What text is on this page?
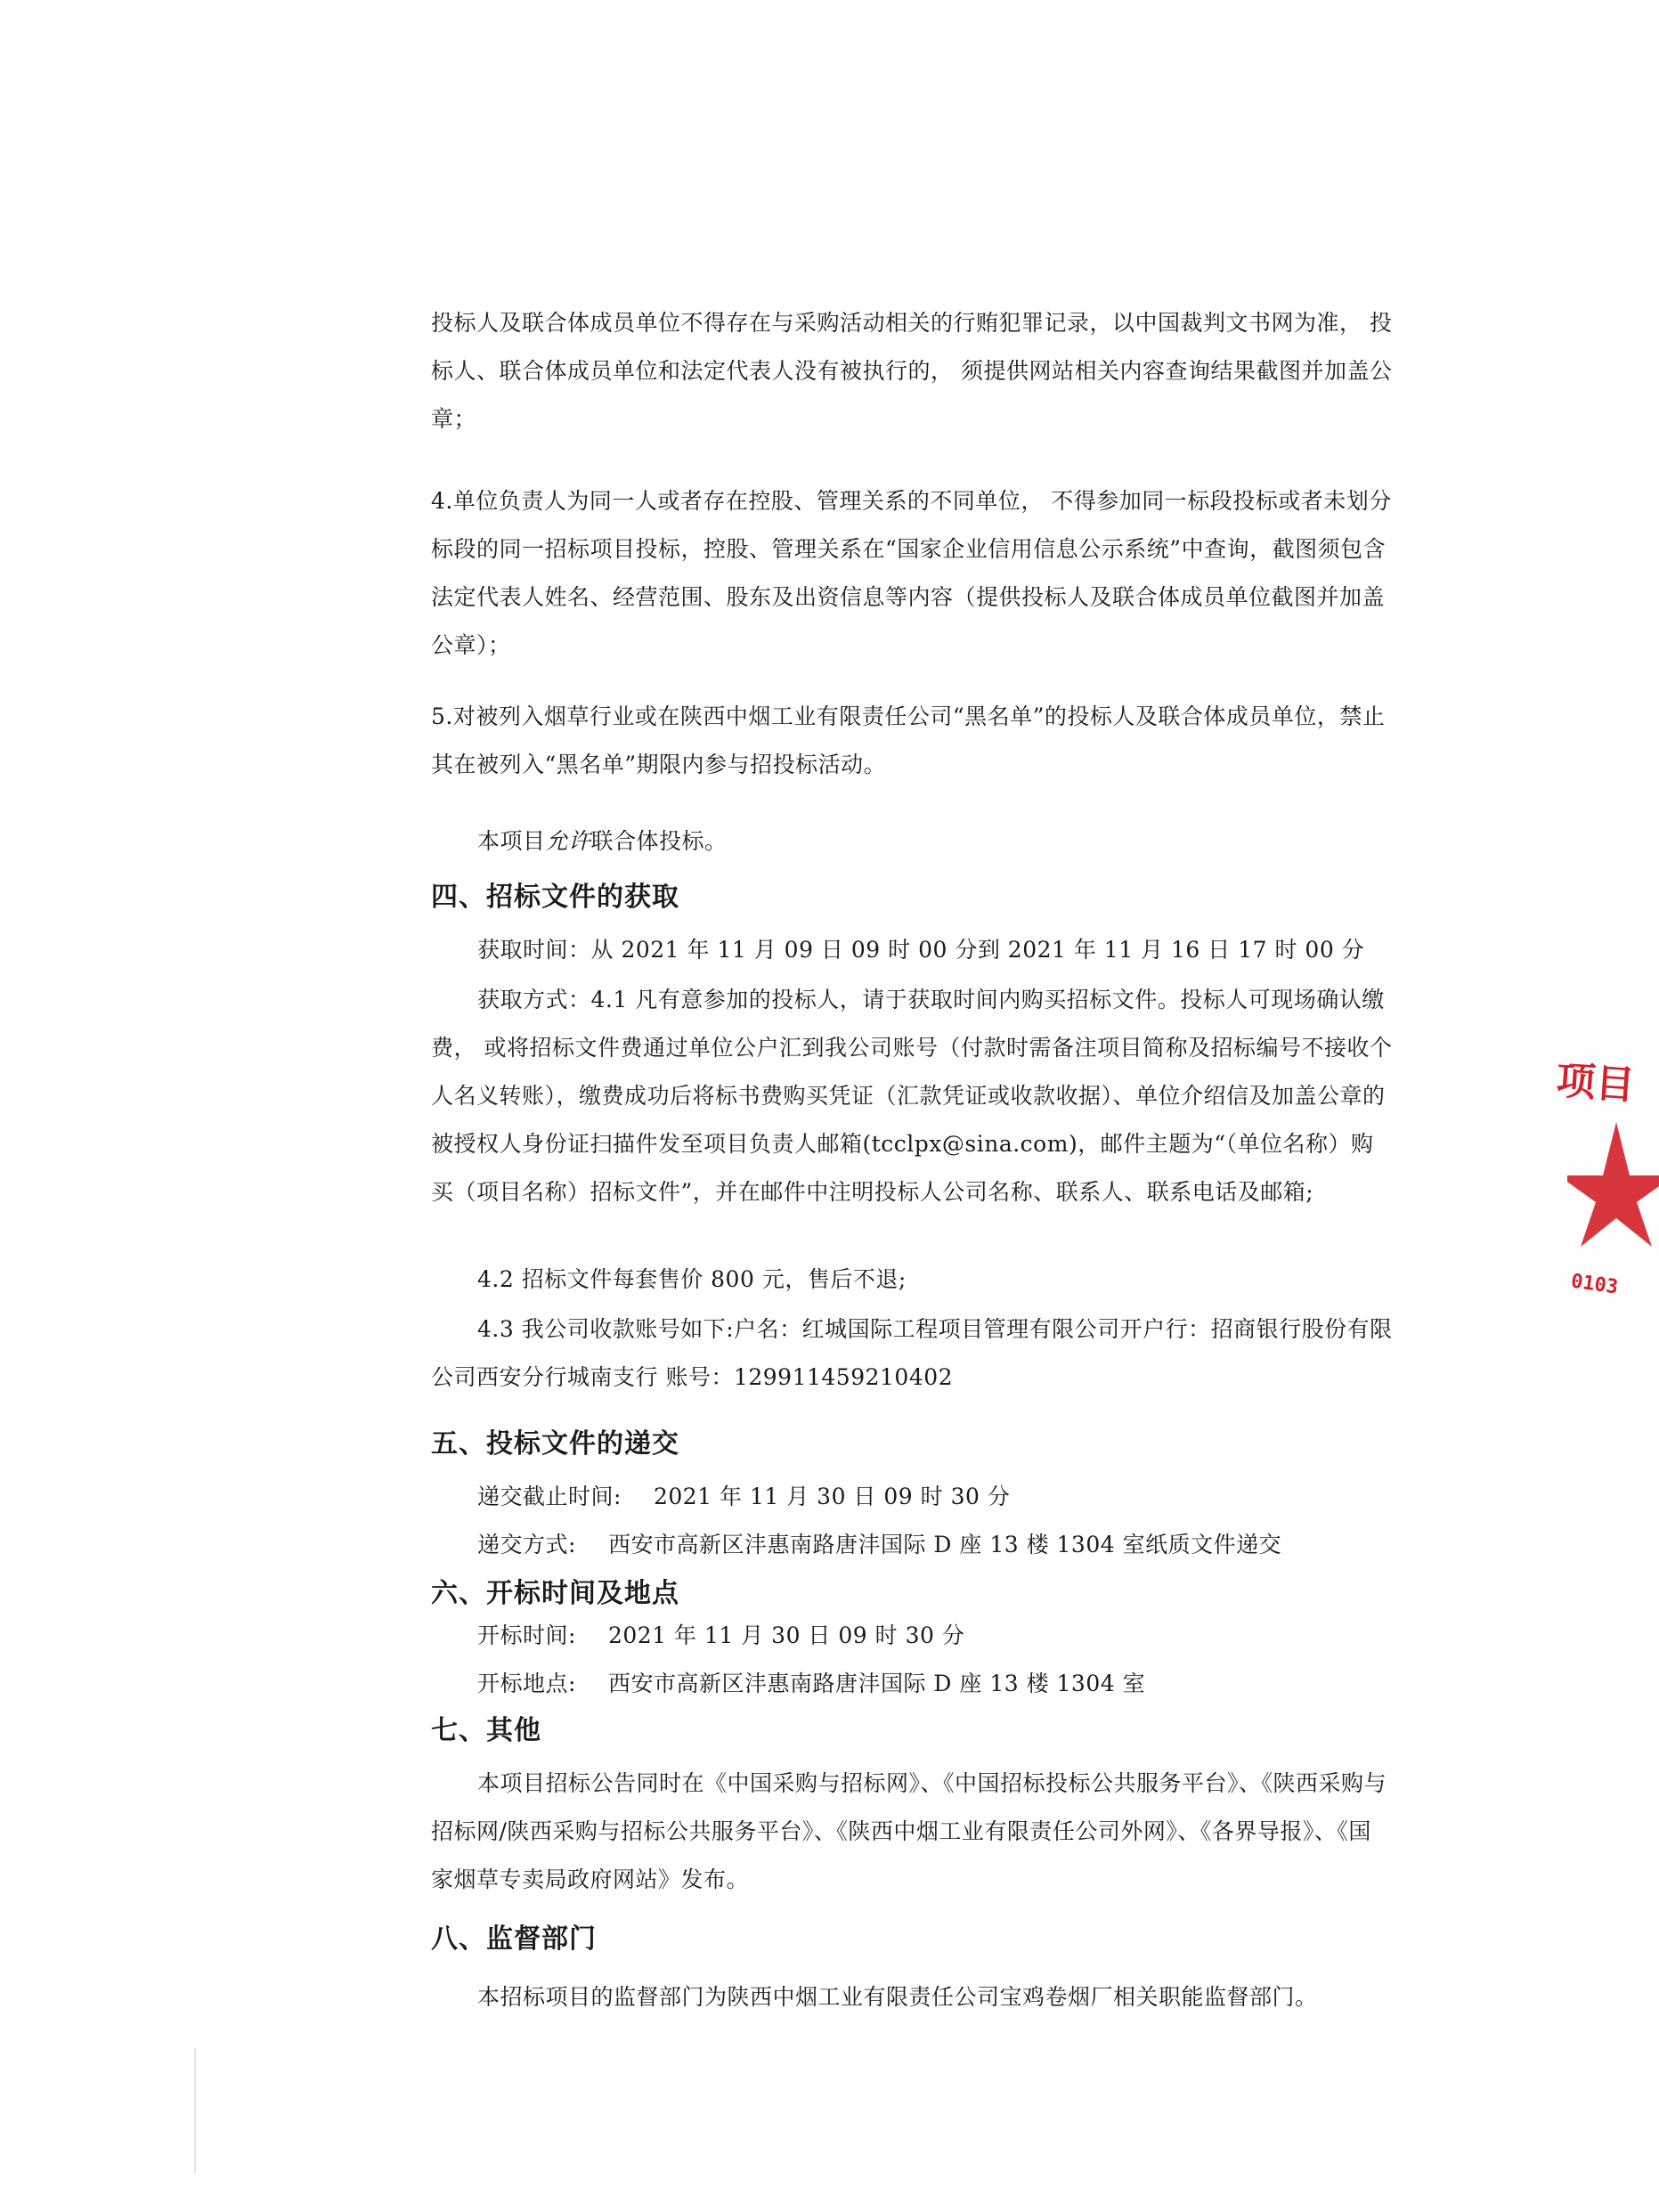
投标人及联合体成员单位不得存在与采购活动相关的行贿犯罪记录，以中国裁判文书网为准， 投标人、联合体成员单位和法定代表人没有被执行的， 须提供网站相关内容查询结果截图并加盖公章；

4.单位负责人为同一人或者存在控股、管理关系的不同单位， 不得参加同一标段投标或者未划分标段的同一招标项目投标，控股、管理关系在“国家企业信用信息公示系统”中查询，截图须包含法定代表人姓名、经营范围、股东及出资信息等内容（提供投标人及联合体成员单位截图并加盖公章）；

5.对被列入烟草行业或在陕西中烟工业有限责任公司“黑名单”的投标人及联合体成员单位，禁止其在被列入“黑名单”期限内参与招投标活动。

本项目允许联合体投标。

四、招标文件的获取

获取时间：从 2021 年 11 月 09 日 09 时 00 分到 2021 年 11 月 16 日 17 时 00 分

获取方式：4.1 凡有意参加的投标人，请于获取时间内购买招标文件。投标人可现场确认缴费， 或将招标文件费通过单位公户汇到我公司账号（付款时需备注项目简称及招标编号不接收个人名义转账），缴费成功后将标书费购买凭证（汇款凭证或收款收据）、单位介绍信及加盖公章的被授权人身份证扫描件发至项目负责人邮箱(tcclpx@sina.com)，邮件主题为“（单位名称）购买（项目名称）招标文件”，并在邮件中注明投标人公司名称、联系人、联系电话及邮箱;

4.2 招标文件每套售价 800 元，售后不退;

4.3 我公司收款账号如下:户名：红城国际工程项目管理有限公司开户行：招商银行股份有限公司西安分行城南支行 账号：129911459210402

五、投标文件的递交
递交截止时间: 2021 年 11 月 30 日 09 时 30 分
递交方式: 西安市高新区沣惠南路唐沣国际 D 座 13 楼 1304 室纸质文件递交
六、开标时间及地点
开标时间: 2021 年 11 月 30 日 09 时 30 分
开标地点: 西安市高新区沣惠南路唐沣国际 D 座 13 楼 1304 室
七、其他

本项目招标公告同时在《中国采购与招标网》、《中国招标投标公共服务平台》、《陕西采购与招标网/陕西采购与招标公共服务平台》、《陕西中烟工业有限责任公司外网》、《各界导报》、《国家烟草专卖局政府网站》发布。

八、监督部门

本招标项目的监督部门为陕西中烟工业有限责任公司宝鸡卷烟厂相关职能监督部门。

项目
0103
